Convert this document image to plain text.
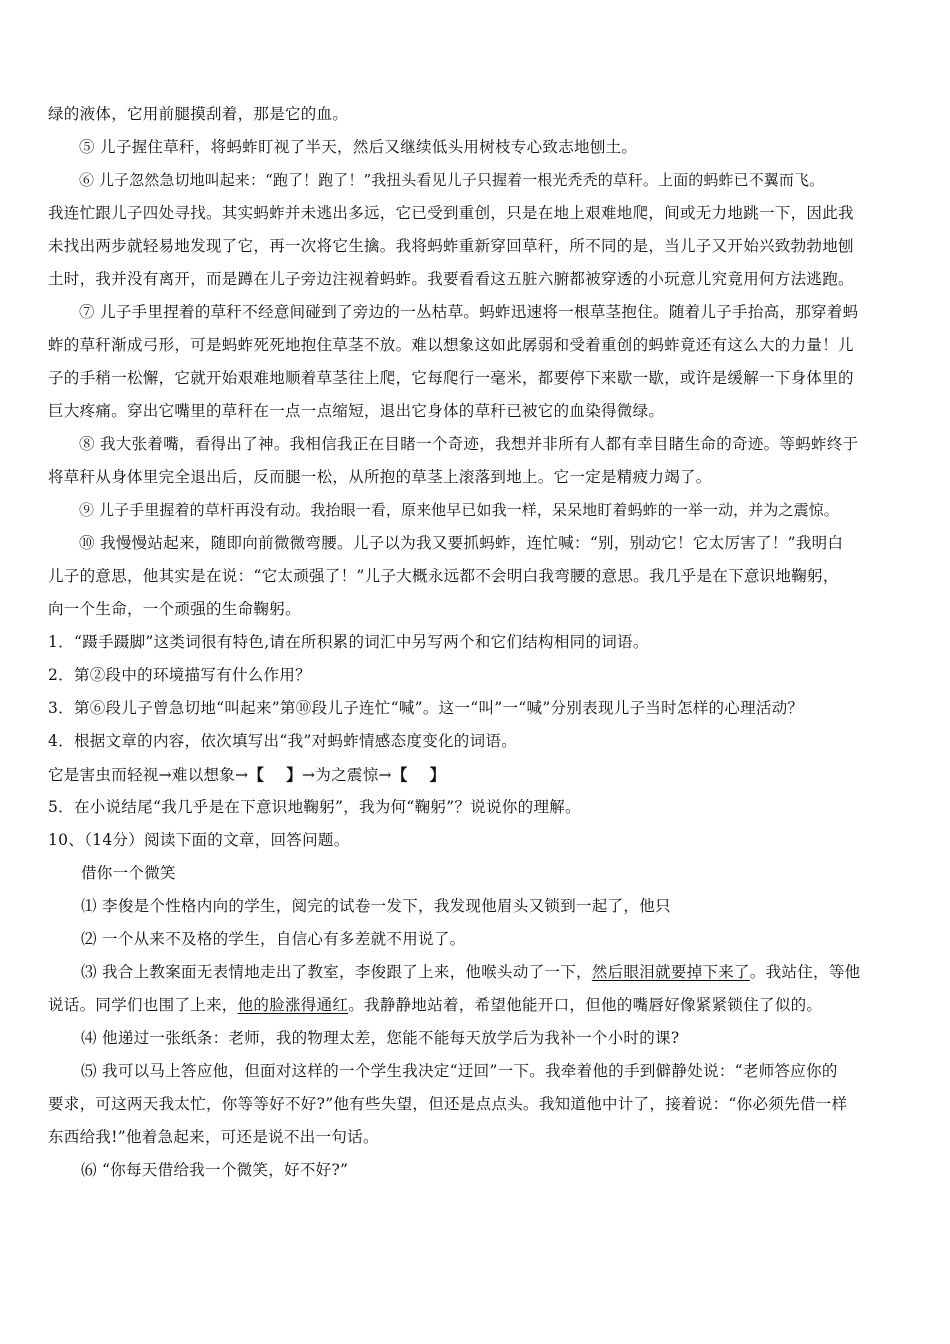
绿的液体，它用前腿摸刮着，那是它的血。
⑤ 儿子握住草秆，将蚂蚱盯视了半天，然后又继续低头用树枝专心致志地刨土。
⑥ 儿子忽然急切地叫起来：“跑了！跑了！”我扭头看见儿子只握着一根光秃秃的草秆。上面的蚂蚱已不翼而飞。
我连忙跟儿子四处寻找。其实蚂蚱并未逃出多远，它已受到重创，只是在地上艰难地爬，间或无力地跳一下，因此我
未找出两步就轻易地发现了它，再一次将它生擒。我将蚂蚱重新穿回草秆，所不同的是，当儿子又开始兴致勃勃地刨
土时，我并没有离开，而是蹲在儿子旁边注视着蚂蚱。我要看看这五脏六腑都被穿透的小玩意儿究竟用何方法逃跑。
⑦ 儿子手里捏着的草秆不经意间碰到了旁边的一丛枯草。蚂蚱迅速将一根草茎抱住。随着儿子手抬高，那穿着蚂
蚱的草秆渐成弓形，可是蚂蚱死死地抱住草茎不放。难以想象这如此孱弱和受着重创的蚂蚱竟还有这么大的力量！儿
子的手稍一松懈，它就开始艰难地顺着草茎往上爬，它每爬行一毫米，都要停下来歇一歇，或许是缓解一下身体里的
巨大疼痛。穿出它嘴里的草秆在一点一点缩短，退出它身体的草秆已被它的血染得微绿。
⑧ 我大张着嘴，看得出了神。我相信我正在目睹一个奇迹，我想并非所有人都有幸目睹生命的奇迹。等蚂蚱终于
将草秆从身体里完全退出后，反而腿一松，从所抱的草茎上滚落到地上。它一定是精疲力竭了。
⑨ 儿子手里握着的草杆再没有动。我抬眼一看，原来他早已如我一样，呆呆地盯着蚂蚱的一举一动，并为之震惊。
⑩ 我慢慢站起来，随即向前微微弯腰。儿子以为我又要抓蚂蚱，连忙喊：“别，别动它！它太厉害了！”我明白
儿子的意思，他其实是在说：“它太顽强了！”儿子大概永远都不会明白我弯腰的意思。我几乎是在下意识地鞠躬，
向一个生命，一个顽强的生命鞠躬。
1．“蹑手蹑脚”这类词很有特色,请在所积累的词汇中另写两个和它们结构相同的词语。
2．第②段中的环境描写有什么作用？
3．第⑥段儿子曾急切地“叫起来”第⑩段儿子连忙“喊”。这一“叫”一“喊”分别表现儿子当时怎样的心理活动？
4．根据文章的内容，依次填写出“我”对蚂蚱情感态度变化的词语。
它是害虫而轻视→难以想象→【 】→为之震惊→【 】
5．在小说结尾“我几乎是在下意识地鞠躬”，我为何“鞠躬”？说说你的理解。
10、（14分）阅读下面的文章，回答问题。
借你一个微笑
⑴ 李俊是个性格内向的学生，阅完的试卷一发下，我发现他眉头又锁到一起了，他只
⑵ 一个从来不及格的学生，自信心有多差就不用说了。
⑶ 我合上教案面无表情地走出了教室，李俊跟了上来，他喉头动了一下，然后眼泪就要掉下来了。我站住，等他
说话。同学们也围了上来，他的脸涨得通红。我静静地站着，希望他能开口，但他的嘴唇好像紧紧锁住了似的。
⑷ 他递过一张纸条：老师，我的物理太差，您能不能每天放学后为我补一个小时的课?
⑸ 我可以马上答应他，但面对这样的一个学生我决定“迂回”一下。我牵着他的手到僻静处说：“老师答应你的
要求，可这两天我太忙，你等等好不好?”他有些失望，但还是点点头。我知道他中计了，接着说：“你必须先借一样
东西给我!”他着急起来，可还是说不出一句话。
⑹ “你每天借给我一个微笑，好不好?”
